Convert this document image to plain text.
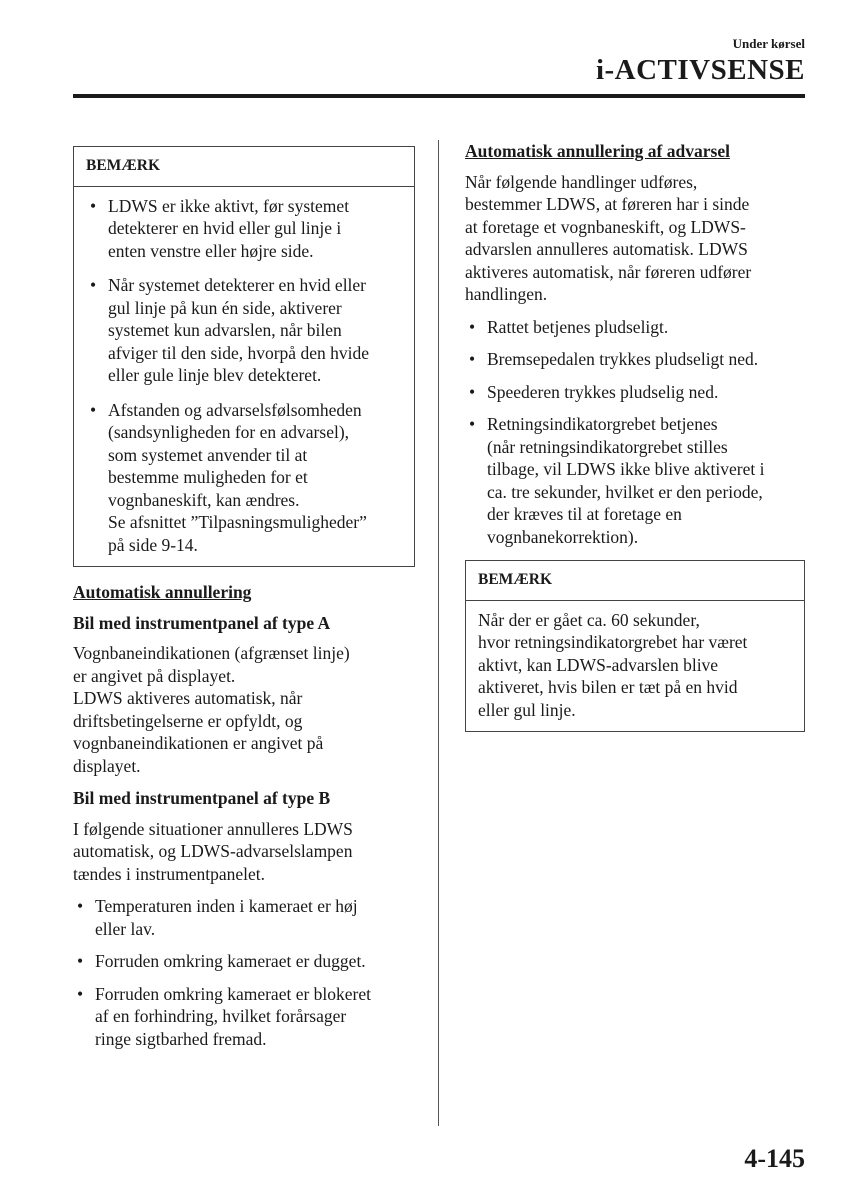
Under kørsel
i-ACTIVSENSE
BEMÆRK
• LDWS er ikke aktivt, før systemet
detekterer en hvid eller gul linje i
enten venstre eller højre side.
• Når systemet detekterer en hvid eller
gul linje på kun én side, aktiverer
systemet kun advarslen, når bilen
afviger til den side, hvorpå den hvide
eller gule linje blev detekteret.
• Afstanden og advarselsfølsomheden
(sandsynligheden for en advarsel),
som systemet anvender til at
bestemme muligheden for et
vognbaneskift, kan ændres.
Se afsnittet ”Tilpasningsmuligheder”
på side 9-14.
Automatisk annullering
Bil med instrumentpanel af type A

Vognbaneindikationen (afgrænset linje)
er angivet på displayet.
LDWS aktiveres automatisk, når
driftsbetingelserne er opfyldt, og
vognbaneindikationen er angivet på
displayet.

Bil med instrumentpanel af type B

I følgende situationer annulleres LDWS
automatisk, og LDWS-advarselslampen
tændes i instrumentpanelet.

• Temperaturen inden i kameraet er høj
eller lav.
• Forruden omkring kameraet er dugget.
• Forruden omkring kameraet er blokeret
af en forhindring, hvilket forårsager
ringe sigtbarhed fremad.
Automatisk annullering af advarsel

Når følgende handlinger udføres,
bestemmer LDWS, at føreren har i sinde
at foretage et vognbaneskift, og LDWS-
advarslen annulleres automatisk. LDWS
aktiveres automatisk, når føreren udfører
handlingen.

• Rattet betjenes pludseligt.
• Bremsepedalen trykkes pludseligt ned.
• Speederen trykkes pludselig ned.
• Retningsindikatorgrebet betjenes
(når retningsindikatorgrebet stilles
tilbage, vil LDWS ikke blive aktiveret i
ca. tre sekunder, hvilket er den periode,
der kræves til at foretage en
vognbanekorrektion).
BEMÆRK
Når der er gået ca. 60 sekunder,
hvor retningsindikatorgrebet har været
aktivt, kan LDWS-advarslen blive
aktiveret, hvis bilen er tæt på en hvid
eller gul linje.
4-145
